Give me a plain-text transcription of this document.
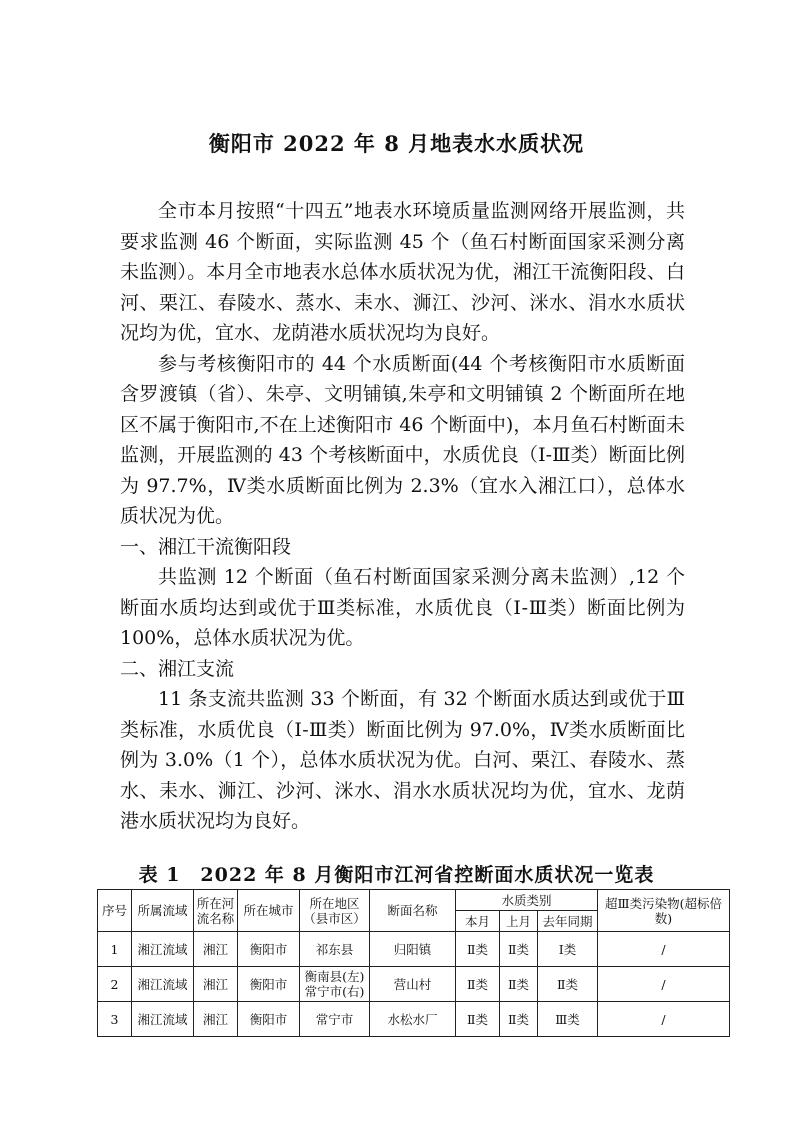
衡阳市 2022 年 8 月地表水水质状况

全市本月按照“十四五”地表水环境质量监测网络开展监测，共要求监测 46 个断面，实际监测 45 个（鱼石村断面国家采测分离未监测）。本月全市地表水总体水质状况为优，湘江干流衡阳段、白河、栗江、春陵水、蒸水、耒水、浉江、沙河、洣水、涓水水质状况均为优，宜水、龙荫港水质状况均为良好。

参与考核衡阳市的 44 个水质断面(44 个考核衡阳市水质断面含罗渡镇（省）、朱亭、文明铺镇,朱亭和文明铺镇 2 个断面所在地区不属于衡阳市,不在上述衡阳市 46 个断面中)，本月鱼石村断面未监测，开展监测的 43 个考核断面中，水质优良（Ⅰ-Ⅲ类）断面比例为 97.7%，Ⅳ类水质断面比例为 2.3%（宜水入湘江口），总体水质状况为优。

一、湘江干流衡阳段

共监测 12 个断面（鱼石村断面国家采测分离未监测）,12 个断面水质均达到或优于Ⅲ类标准，水质优良（Ⅰ-Ⅲ类）断面比例为 100%，总体水质状况为优。

二、湘江支流

11 条支流共监测 33 个断面，有 32 个断面水质达到或优于Ⅲ类标准，水质优良（Ⅰ-Ⅲ类）断面比例为 97.0%，Ⅳ类水质断面比例为 3.0%（1 个），总体水质状况为优。白河、栗江、春陵水、蒸水、耒水、浉江、沙河、洣水、涓水水质状况均为优，宜水、龙荫港水质状况均为良好。

表 1　2022 年 8 月衡阳市江河省控断面水质状况一览表
序号	所属流域	所在河流名称	所在城市	所在地区（县市区）	断面名称	水质类别			超Ⅲ类污染物(超标倍数)
						本月	上月	去年同期	
1	湘江流域	湘江	衡阳市	祁东县	归阳镇	Ⅱ类	Ⅱ类	Ⅰ类	/
2	湘江流域	湘江	衡阳市	衡南县(左)常宁市(右)	营山村	Ⅱ类	Ⅱ类	Ⅱ类	/
3	湘江流域	湘江	衡阳市	常宁市	水松水厂	Ⅱ类	Ⅱ类	Ⅲ类	/
